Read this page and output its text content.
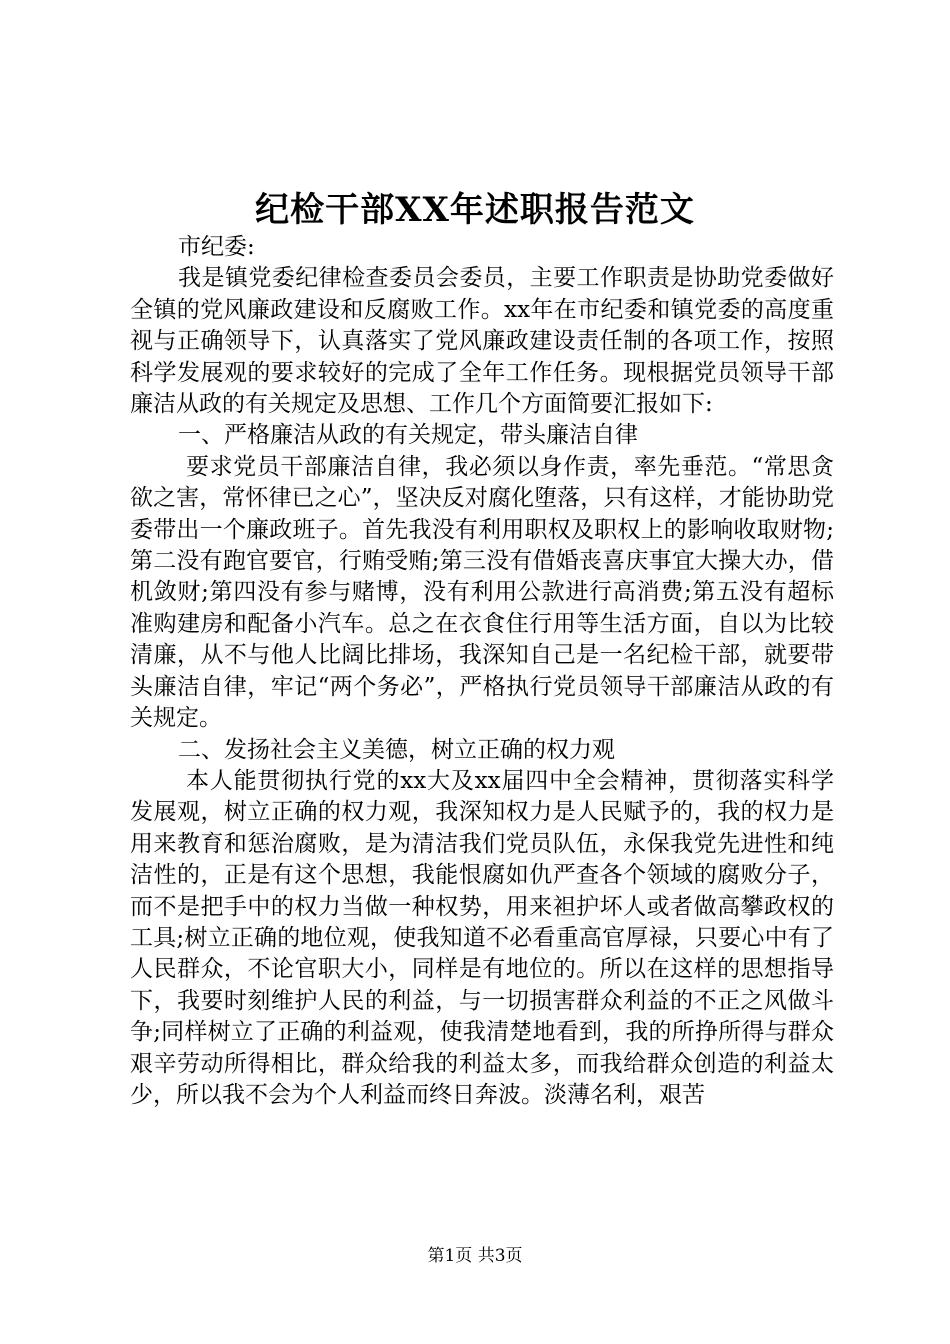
纪检干部XX年述职报告范文

市纪委:

我是镇党委纪律检查委员会委员，主要工作职责是协助党委做好全镇的党风廉政建设和反腐败工作。xx年在市纪委和镇党委的高度重视与正确领导下，认真落实了党风廉政建设责任制的各项工作，按照科学发展观的要求较好的完成了全年工作任务。现根据党员领导干部廉洁从政的有关规定及思想、工作几个方面简要汇报如下:

一、严格廉洁从政的有关规定，带头廉洁自律

要求党员干部廉洁自律，我必须以身作责，率先垂范。“常思贪欲之害，常怀律已之心”，坚决反对腐化堕落，只有这样，才能协助党委带出一个廉政班子。首先我没有利用职权及职权上的影响收取财物;第二没有跑官要官，行贿受贿;第三没有借婚丧喜庆事宜大操大办，借机敛财;第四没有参与赌博，没有利用公款进行高消费;第五没有超标准购建房和配备小汽车。总之在衣食住行用等生活方面，自以为比较清廉，从不与他人比阔比排场，我深知自己是一名纪检干部，就要带头廉洁自律，牢记“两个务必”，严格执行党员领导干部廉洁从政的有关规定。

二、发扬社会主义美德，树立正确的权力观

本人能贯彻执行党的xx大及xx届四中全会精神，贯彻落实科学发展观，树立正确的权力观，我深知权力是人民赋予的，我的权力是用来教育和惩治腐败，是为清洁我们党员队伍，永保我党先进性和纯洁性的，正是有这个思想，我能恨腐如仇严查各个领域的腐败分子，而不是把手中的权力当做一种权势，用来袒护坏人或者做高攀政权的工具;树立正确的地位观，使我知道不必看重高官厚禄，只要心中有了人民群众，不论官职大小，同样是有地位的。所以在这样的思想指导下，我要时刻维护人民的利益，与一切损害群众利益的不正之风做斗争;同样树立了正确的利益观，使我清楚地看到，我的所挣所得与群众艰辛劳动所得相比，群众给我的利益太多，而我给群众创造的利益太少，所以我不会为个人利益而终日奔波。淡薄名利，艰苦

第1页 共3页
